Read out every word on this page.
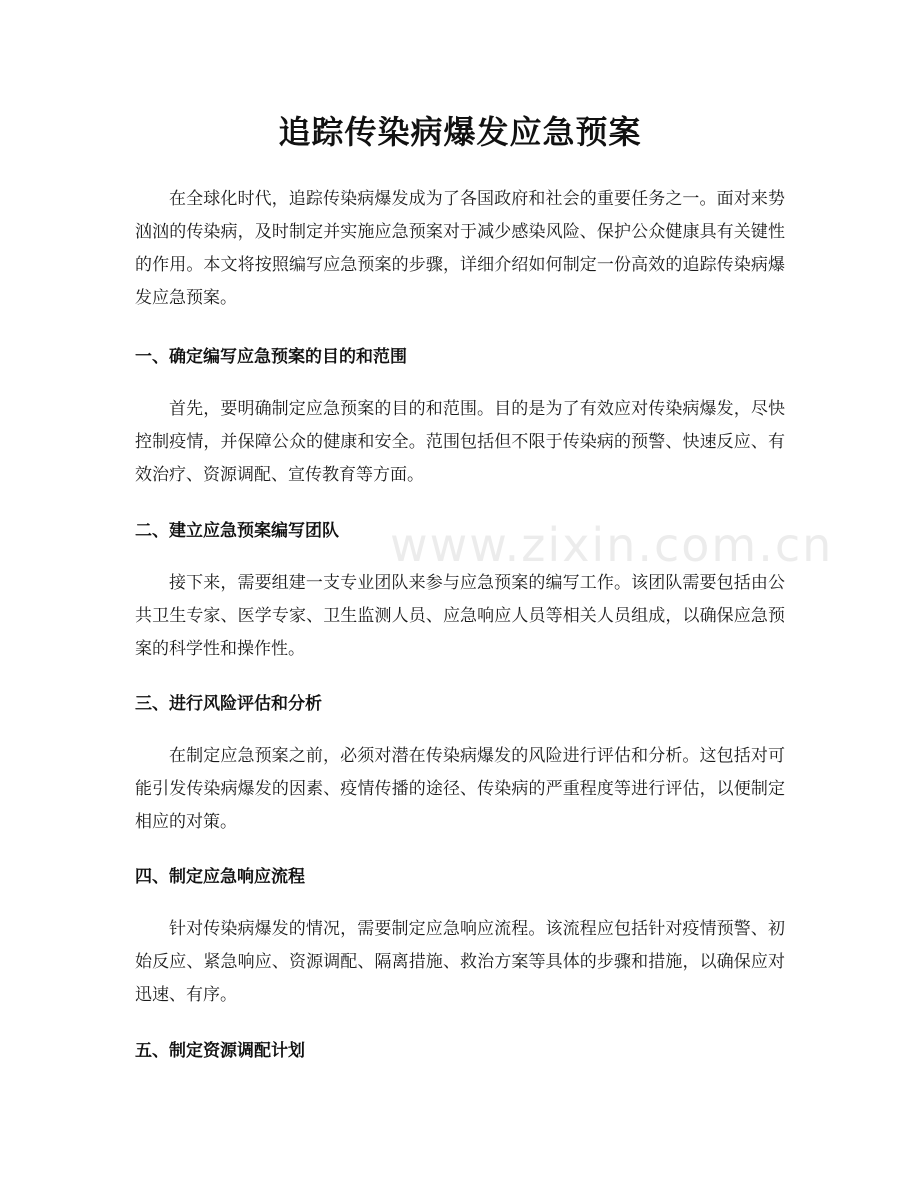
追踪传染病爆发应急预案

在全球化时代，追踪传染病爆发成为了各国政府和社会的重要任务之一。面对来势汹汹的传染病，及时制定并实施应急预案对于减少感染风险、保护公众健康具有关键性的作用。本文将按照编写应急预案的步骤，详细介绍如何制定一份高效的追踪传染病爆发应急预案。

一、确定编写应急预案的目的和范围

首先，要明确制定应急预案的目的和范围。目的是为了有效应对传染病爆发，尽快控制疫情，并保障公众的健康和安全。范围包括但不限于传染病的预警、快速反应、有效治疗、资源调配、宣传教育等方面。

二、建立应急预案编写团队

接下来，需要组建一支专业团队来参与应急预案的编写工作。该团队需要包括由公共卫生专家、医学专家、卫生监测人员、应急响应人员等相关人员组成，以确保应急预案的科学性和操作性。

三、进行风险评估和分析

在制定应急预案之前，必须对潜在传染病爆发的风险进行评估和分析。这包括对可能引发传染病爆发的因素、疫情传播的途径、传染病的严重程度等进行评估，以便制定相应的对策。

四、制定应急响应流程

针对传染病爆发的情况，需要制定应急响应流程。该流程应包括针对疫情预警、初始反应、紧急响应、资源调配、隔离措施、救治方案等具体的步骤和措施，以确保应对迅速、有序。

五、制定资源调配计划
www.zixin.com.cn
